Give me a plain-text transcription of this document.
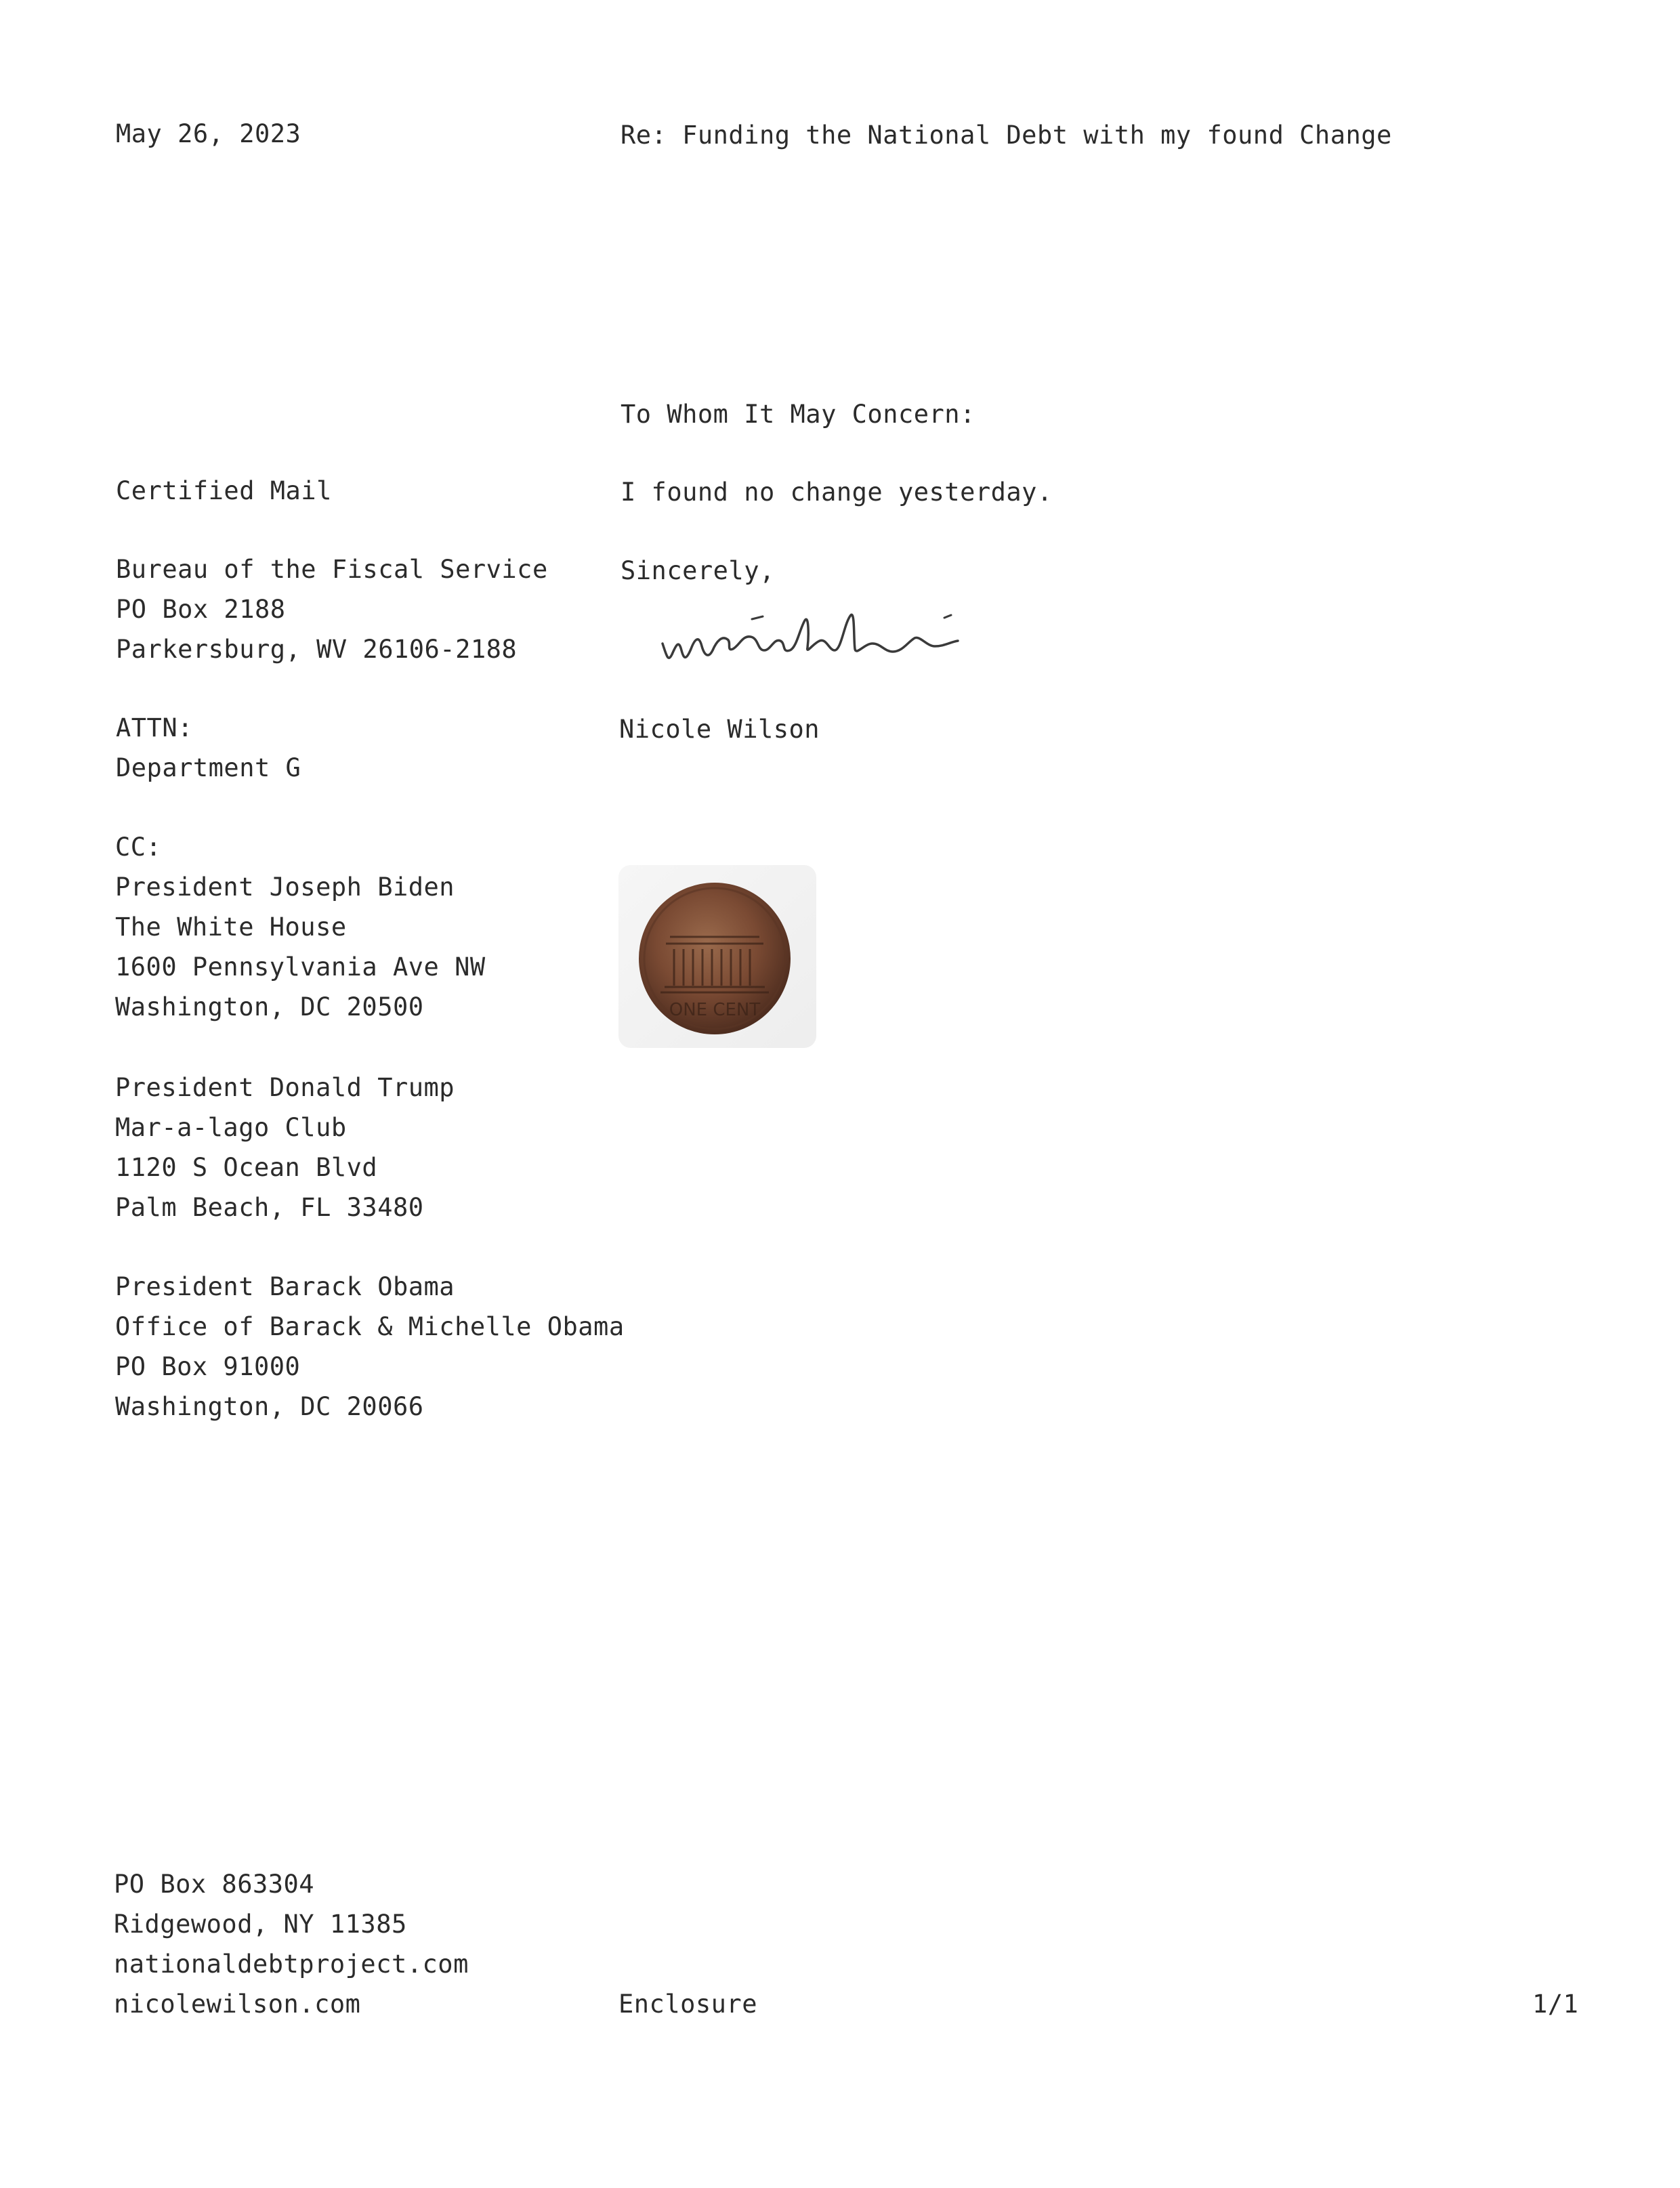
May 26, 2023	Re: Funding the National Debt with my found Change
To Whom It May Concern:
I found no change yesterday.
Sincerely,
Nicole Wilson
ONE CENT
Certified Mail
Bureau of the Fiscal Service
PO Box 2188
Parkersburg, WV 26106-2188
ATTN:
Department G
CC:
President Joseph Biden
The White House
1600 Pennsylvania Ave NW
Washington, DC 20500
President Donald Trump
Mar-a-lago Club
1120 S Ocean Blvd
Palm Beach, FL 33480
President Barack Obama
Office of Barack & Michelle Obama
PO Box 91000
Washington, DC 20066
PO Box 863304
Ridgewood, NY 11385
nationaldebtproject.com
nicolewilson.com	Enclosure	1/1
